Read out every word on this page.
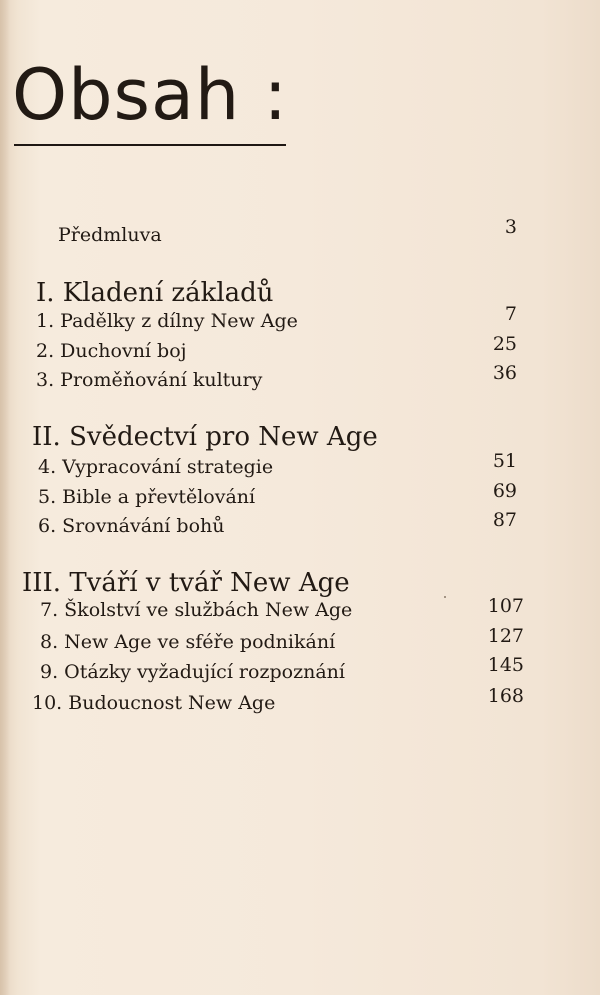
Obsah :
Předmluva	3
I. Kladení základů
1. Padělky z dílny New Age	7
2. Duchovní boj	25
3. Proměňování kultury	36
II. Svědectví pro New Age
4. Vypracování strategie	51
5. Bible a převtělování	69
6. Srovnávání bohů	87
III. Tváří v tvář New Age
7. Školství ve službách New Age	107
8. New Age ve sféře podnikání	127
9. Otázky vyžadující rozpoznání	145
10. Budoucnost New Age	168
